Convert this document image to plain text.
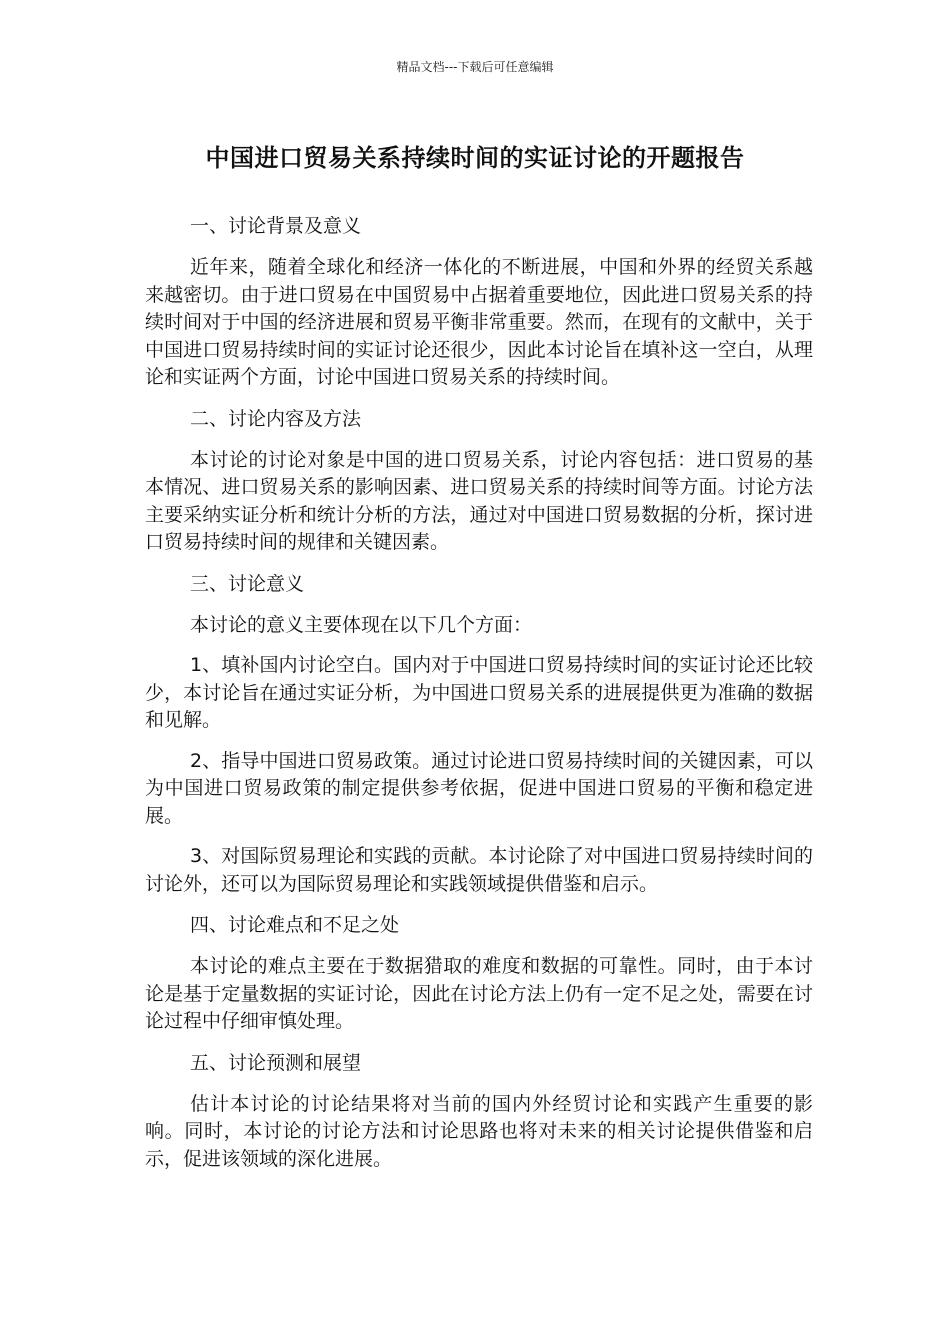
精品文档---下载后可任意编辑
中国进口贸易关系持续时间的实证讨论的开题报告

一、讨论背景及意义

近年来，随着全球化和经济一体化的不断进展，中国和外界的经贸关系越来越密切。由于进口贸易在中国贸易中占据着重要地位，因此进口贸易关系的持续时间对于中国的经济进展和贸易平衡非常重要。然而，在现有的文献中，关于中国进口贸易持续时间的实证讨论还很少，因此本讨论旨在填补这一空白，从理论和实证两个方面，讨论中国进口贸易关系的持续时间。

二、讨论内容及方法

本讨论的讨论对象是中国的进口贸易关系，讨论内容包括：进口贸易的基本情况、进口贸易关系的影响因素、进口贸易关系的持续时间等方面。讨论方法主要采纳实证分析和统计分析的方法，通过对中国进口贸易数据的分析，探讨进口贸易持续时间的规律和关键因素。

三、讨论意义

本讨论的意义主要体现在以下几个方面：

1、填补国内讨论空白。国内对于中国进口贸易持续时间的实证讨论还比较少，本讨论旨在通过实证分析，为中国进口贸易关系的进展提供更为准确的数据和见解。

2、指导中国进口贸易政策。通过讨论进口贸易持续时间的关键因素，可以为中国进口贸易政策的制定提供参考依据，促进中国进口贸易的平衡和稳定进展。

3、对国际贸易理论和实践的贡献。本讨论除了对中国进口贸易持续时间的讨论外，还可以为国际贸易理论和实践领域提供借鉴和启示。

四、讨论难点和不足之处

本讨论的难点主要在于数据猎取的难度和数据的可靠性。同时，由于本讨论是基于定量数据的实证讨论，因此在讨论方法上仍有一定不足之处，需要在讨论过程中仔细审慎处理。

五、讨论预测和展望

估计本讨论的讨论结果将对当前的国内外经贸讨论和实践产生重要的影响。同时，本讨论的讨论方法和讨论思路也将对未来的相关讨论提供借鉴和启示，促进该领域的深化进展。
